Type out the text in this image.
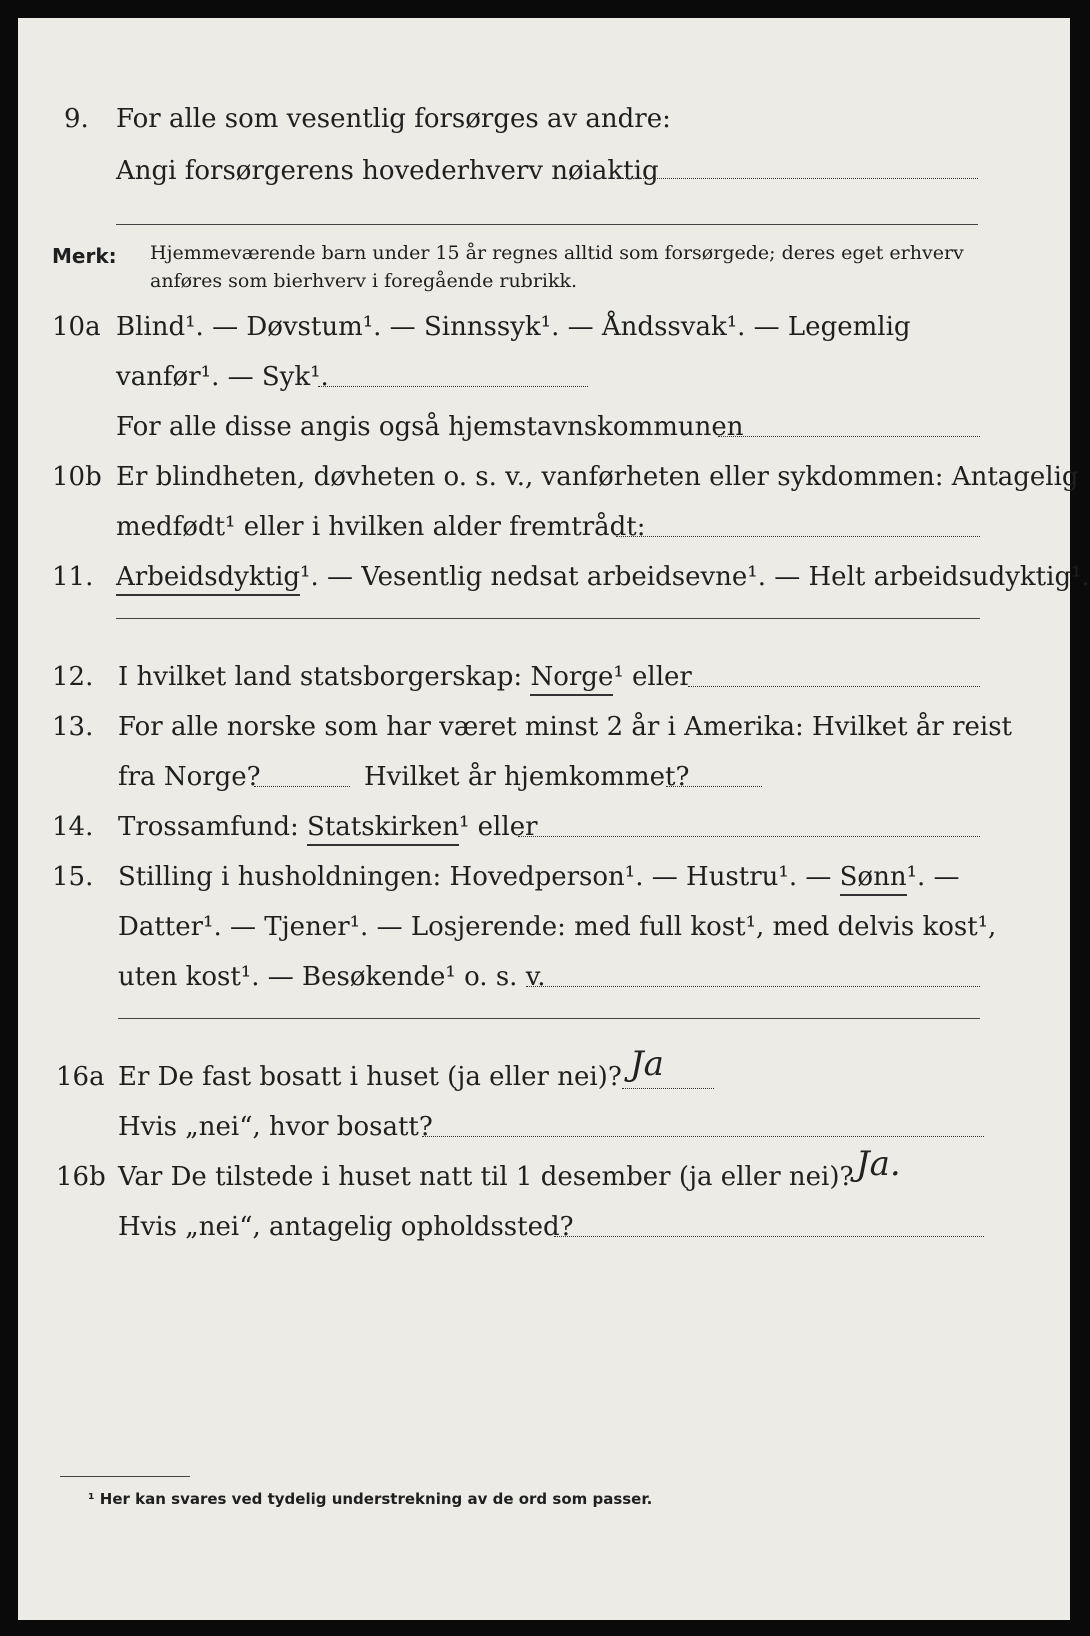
9. For alle som vesentlig forsørges av andre:
Angi forsørgerens hovederhverv nøiaktig
Merk: Hjemmeværende barn under 15 år regnes alltid som forsørgede; deres eget erhverv
anføres som bierhverv i foregående rubrikk.
10a Blind¹. — Døvstum¹. — Sinnssyk¹. — Åndssvak¹. — Legemlig
vanfør¹. — Syk¹.
For alle disse angis også hjemstavnskommunen
10b Er blindheten, døvheten o. s. v., vanførheten eller sykdommen: Antagelig
medfødt¹ eller i hvilken alder fremtrådt:
11. Arbeidsdyktig¹. — Vesentlig nedsat arbeidsevne¹. — Helt arbeidsudyktig¹.
12. I hvilket land statsborgerskap: Norge¹ eller
13. For alle norske som har været minst 2 år i Amerika: Hvilket år reist
fra Norge?	Hvilket år hjemkommet?
14. Trossamfund: Statskirken¹ eller
15. Stilling i husholdningen: Hovedperson¹. — Hustru¹. — Sønn¹. —
Datter¹. — Tjener¹. — Losjerende: med full kost¹, med delvis kost¹,
uten kost¹. — Besøkende¹ o. s. v.
16a Er De fast bosatt i huset (ja eller nei)? Ja
Hvis „nei“, hvor bosatt?
16b Var De tilstede i huset natt til 1 desember (ja eller nei)? Ja.
Hvis „nei“, antagelig opholdssted?
¹ Her kan svares ved tydelig understrekning av de ord som passer.
